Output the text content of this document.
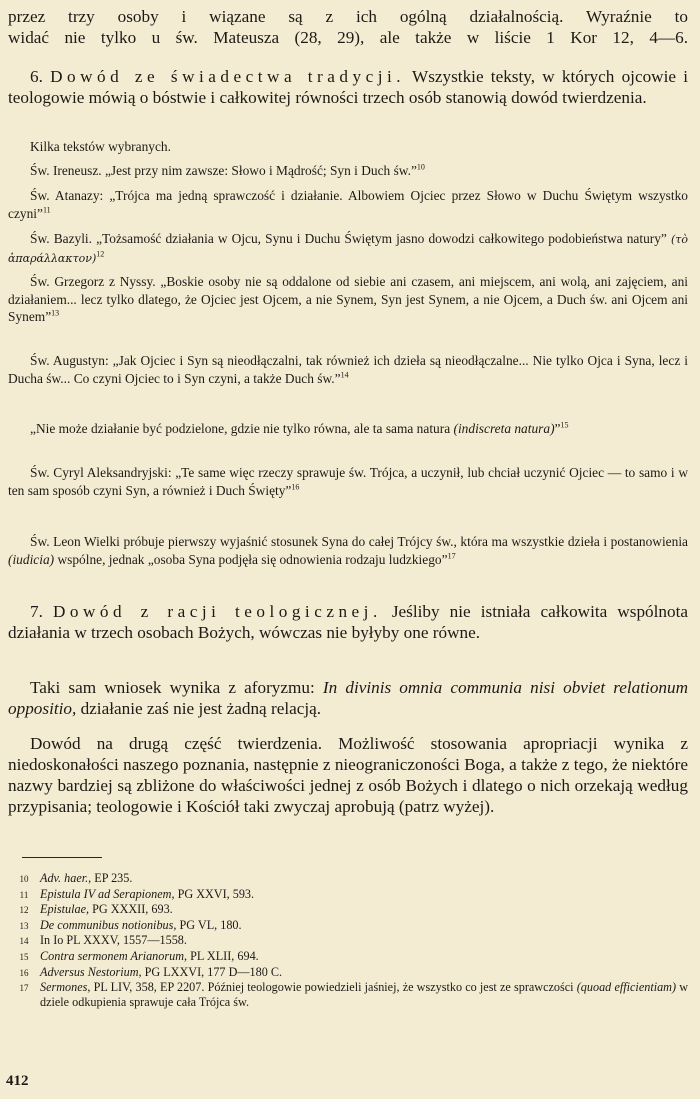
przez trzy osoby i wiązane są z ich ogólną działalnością. Wyraźnie to
widać nie tylko u św. Mateusza (28, 29), ale także w liście 1 Kor 12, 4—6.
6. Dowód ze świadectwa tradycji. Wszystkie teksty, w których ojcowie i teologowie mówią o bóstwie i całkowitej równości trzech osób stanowią dowód twierdzenia.
Kilka tekstów wybranych.
Św. Ireneusz. „Jest przy nim zawsze: Słowo i Mądrość; Syn i Duch św.”$^{10}$
Św. Atanazy: „Trójca ma jedną sprawczość i działanie. Albowiem Ojciec przez Słowo w Duchu Świętym wszystko czyni”$^{11}$
Św. Bazyli. „Tożsamość działania w Ojcu, Synu i Duchu Świętym jasno dowodzi całkowitego podobieństwa natury” (τὸ ἀπαράλλακτον)$^{12}$
Św. Grzegorz z Nyssy. „Boskie osoby nie są oddalone od siebie ani czasem, ani miejscem, ani wolą, ani zajęciem, ani działaniem... lecz tylko dlatego, że Ojciec jest Ojcem, a nie Synem, Syn jest Synem, a nie Ojcem, a Duch św. ani Ojcem ani Synem”$^{13}$
Św. Augustyn: „Jak Ojciec i Syn są nieodłączalni, tak również ich dzieła są nieodłączalne... Nie tylko Ojca i Syna, lecz i Ducha św... Co czyni Ojciec to i Syn czyni, a także Duch św.”$^{14}$
„Nie może działanie być podzielone, gdzie nie tylko równa, ale ta sama natura (indiscreta natura)”$^{15}$
Św. Cyryl Aleksandryjski: „Te same więc rzeczy sprawuje św. Trójca, a uczynił, lub chciał uczynić Ojciec — to samo i w ten sam sposób czyni Syn, a również i Duch Święty”$^{16}$
Św. Leon Wielki próbuje pierwszy wyjaśnić stosunek Syna do całej Trójcy św., która ma wszystkie dzieła i postanowienia (iudicia) wspólne, jednak „osoba Syna podjęła się odnowienia rodzaju ludzkiego”$^{17}$
7. Dowód z racji teologicznej. Jeśliby nie istniała całkowita wspólnota działania w trzech osobach Bożych, wówczas nie byłyby one równe.
Taki sam wniosek wynika z aforyzmu: In divinis omnia communia nisi obviet relationum oppositio, działanie zaś nie jest żadną relacją.
Dowód na drugą część twierdzenia. Możliwość stosowania apropriacji wynika z niedoskonałości naszego poznania, następnie z nieograniczoności Boga, a także z tego, że niektóre nazwy bardziej są zbliżone do właściwości jednej z osób Bożych i dlatego o nich orzekają według przypisania; teologowie i Kościół taki zwyczaj aprobują (patrz wyżej).
10 Adv. haer., EP 235.
11 Epistula IV ad Serapionem, PG XXVI, 593.
12 Epistulae, PG XXXII, 693.
13 De communibus notionibus, PG VL, 180.
14 In Io PL XXXV, 1557—1558.
15 Contra sermonem Arianorum, PL XLII, 694.
16 Adversus Nestorium, PG LXXVI, 177 D—180 C.
17 Sermones, PL LIV, 358, EP 2207. Później teologowie powiedzieli jaśniej, że wszystko co jest ze sprawczości (quoad efficientiam) w dziele odkupienia sprawuje cała Trójca św.
412
